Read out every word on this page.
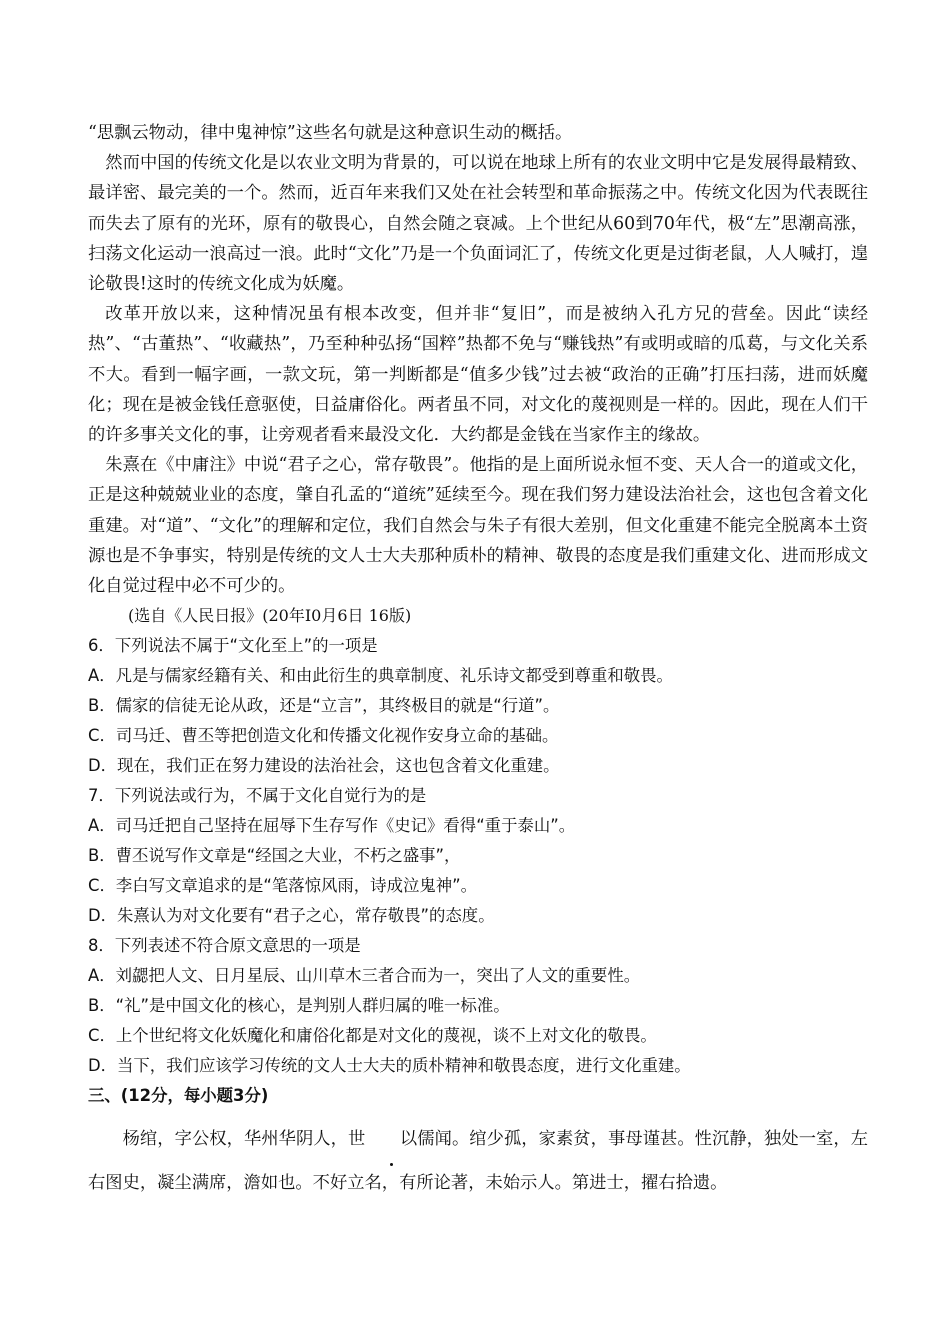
“思飘云物动，律中鬼神惊”这些名句就是这种意识生动的概括。

然而中国的传统文化是以农业文明为背景的，可以说在地球上所有的农业文明中它是发展得最精致、最详密、最完美的一个。然而，近百年来我们又处在社会转型和革命振荡之中。传统文化因为代表既往而失去了原有的光环，原有的敬畏心，自然会随之衰减。上个世纪从60到70年代，极“左”思潮高涨，扫荡文化运动一浪高过一浪。此时“文化”乃是一个负面词汇了，传统文化更是过街老鼠，人人喊打，遑论敬畏!这时的传统文化成为妖魔。

改革开放以来，这种情况虽有根本改变，但并非“复旧”，而是被纳入孔方兄的营垒。因此“读经热”、“古董热”、“收藏热”，乃至种种弘扬“国粹”热都不免与“赚钱热”有或明或暗的瓜葛，与文化关系不大。看到一幅字画，一款文玩，第一判断都是“值多少钱”过去被“政治的正确”打压扫荡，进而妖魔化；现在是被金钱任意驱使，日益庸俗化。两者虽不同，对文化的蔑视则是一样的。因此，现在人们干的许多事关文化的事，让旁观者看来最没文化．大约都是金钱在当家作主的缘故。

朱熹在《中庸注》中说“君子之心，常存敬畏”。他指的是上面所说永恒不变、天人合一的道或文化，正是这种兢兢业业的态度，肇自孔孟的“道统”延续至今。现在我们努力建设法治社会，这也包含着文化重建。对“道”、“文化”的理解和定位，我们自然会与朱子有很大差别，但文化重建不能完全脱离本土资源也是不争事实，特别是传统的文人士大夫那种质朴的精神、敬畏的态度是我们重建文化、进而形成文化自觉过程中必不可少的。

(选自《人民日报》(20年I0月6日 16版)

6．下列说法不属于“文化至上”的一项是

A．凡是与儒家经籍有关、和由此衍生的典章制度、礼乐诗文都受到尊重和敬畏。

B．儒家的信徒无论从政，还是“立言”，其终极目的就是“行道”。

C．司马迁、曹丕等把创造文化和传播文化视作安身立命的基础。

D．现在，我们正在努力建设的法治社会，这也包含着文化重建。

7．下列说法或行为，不属于文化自觉行为的是

A．司马迁把自己坚持在屈辱下生存写作《史记》看得“重于泰山”。

B．曹丕说写作文章是“经国之大业，不朽之盛事”，

C．李白写文章追求的是“笔落惊风雨，诗成泣鬼神”。

D．朱熹认为对文化要有“君子之心，常存敬畏”的态度。

8．下列表述不符合原文意思的一项是

A．刘勰把人文、日月星辰、山川草木三者合而为一，突出了人文的重要性。

B．“礼”是中国文化的核心，是判别人群归属的唯一标准。

C．上个世纪将文化妖魔化和庸俗化都是对文化的蔑视，谈不上对文化的敬畏。

D．当下，我们应该学习传统的文人士大夫的质朴精神和敬畏态度，进行文化重建。

三、(12分，每小题3分)

杨绾，字公权，华州华阴人，世 以儒闻。绾少孤，家素贫，事母谨甚。性沉静，独处一室，左右图史，凝尘满席，澹如也。不好立名，有所论著，未始示人。第进士，擢右拾遗。
